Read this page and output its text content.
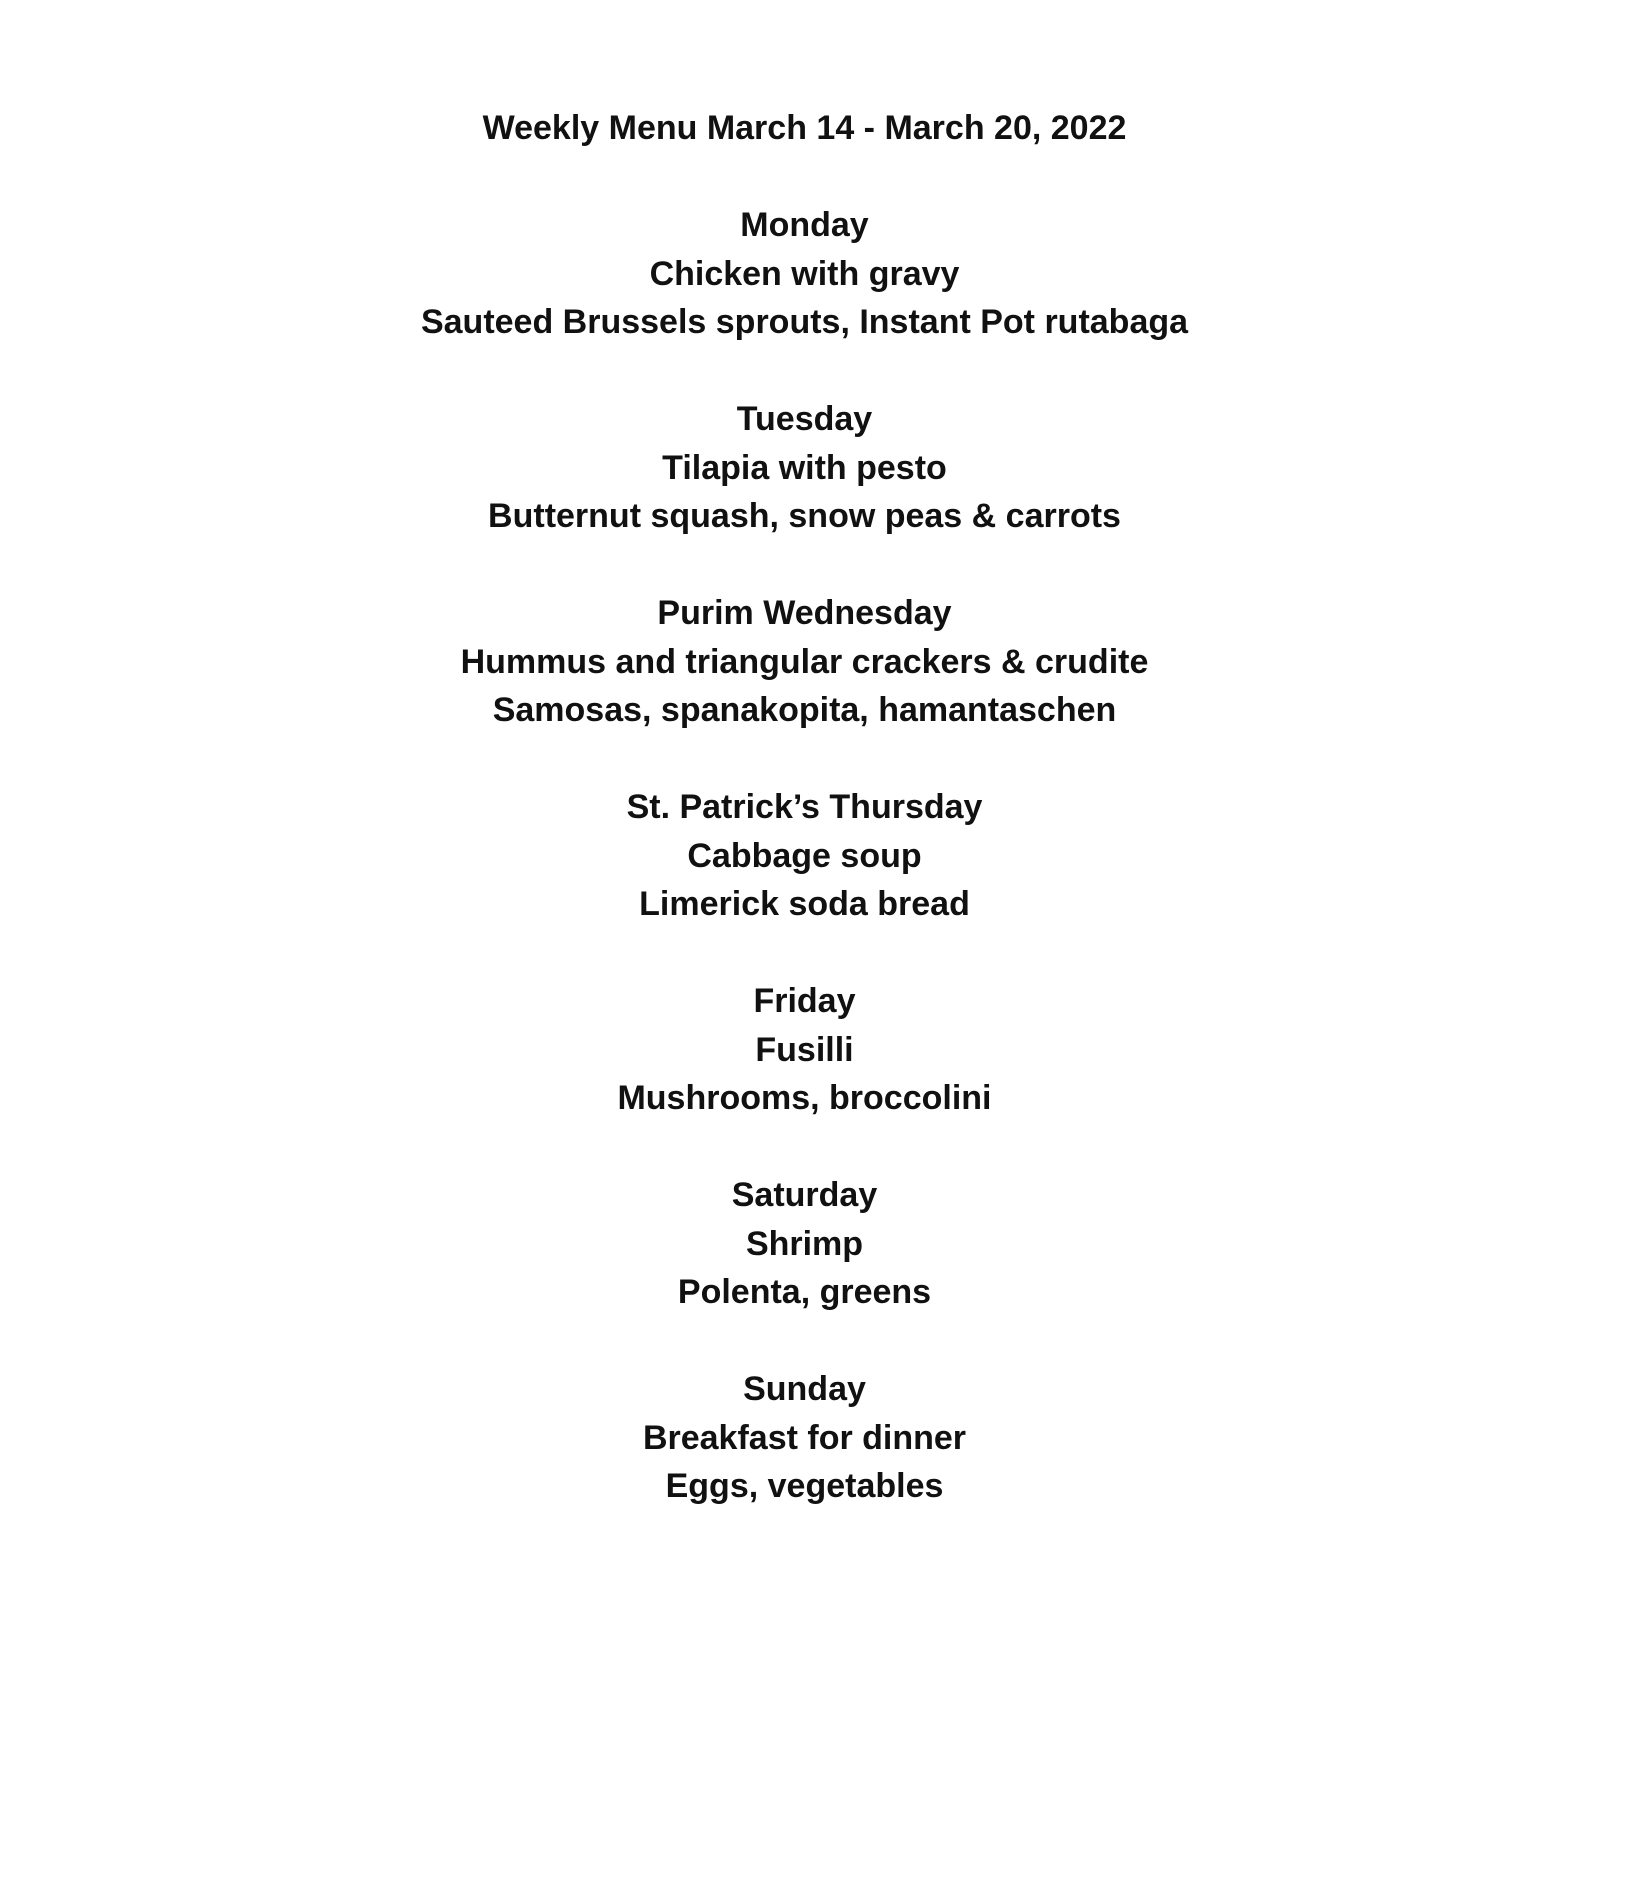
Weekly Menu March 14 - March 20, 2022
Monday
Chicken with gravy
Sauteed Brussels sprouts, Instant Pot rutabaga
Tuesday
Tilapia with pesto
Butternut squash, snow peas & carrots
Purim Wednesday
Hummus and triangular crackers & crudite
Samosas, spanakopita, hamantaschen
St. Patrick’s Thursday
Cabbage soup
Limerick soda bread
Friday
Fusilli
Mushrooms, broccolini
Saturday
Shrimp
Polenta, greens
Sunday
Breakfast for dinner
Eggs, vegetables
